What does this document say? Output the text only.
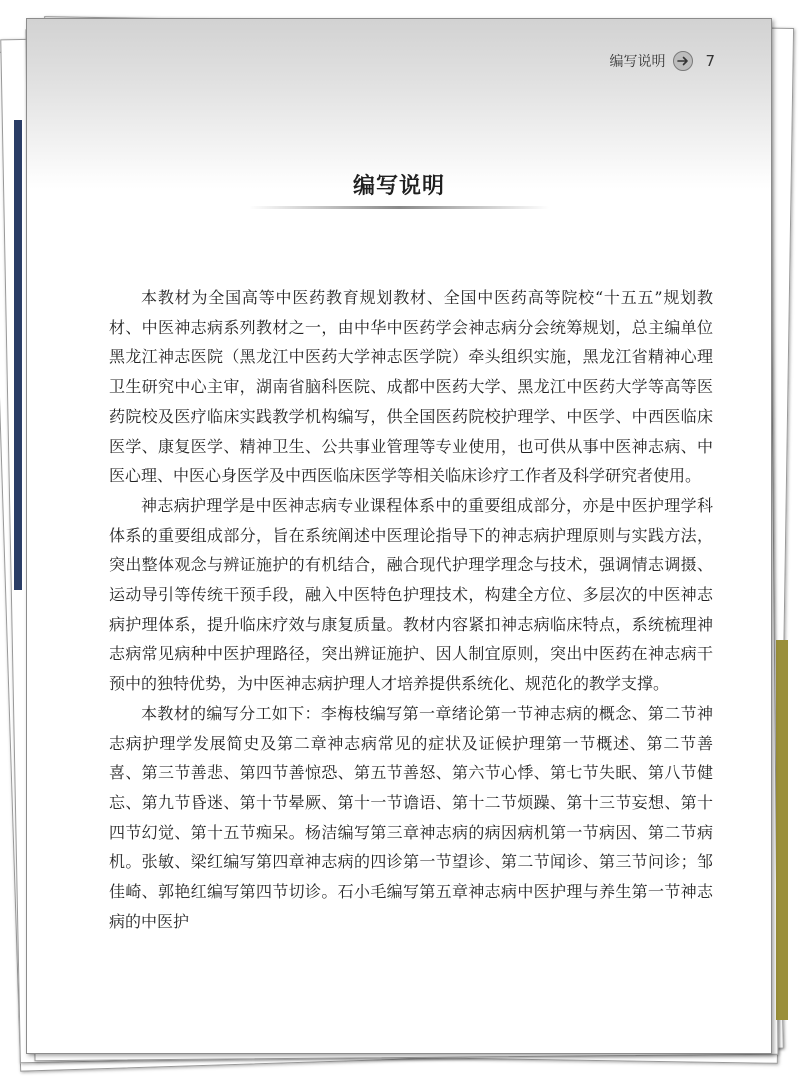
编写说明	7
编写说明

本教材为全国高等中医药教育规划教材、全国中医药高等院校“十五五”规划教材、中医神志病系列教材之一，由中华中医药学会神志病分会统筹规划，总主编单位黑龙江神志医院（黑龙江中医药大学神志医学院）牵头组织实施，黑龙江省精神心理卫生研究中心主审，湖南省脑科医院、成都中医药大学、黑龙江中医药大学等高等医药院校及医疗临床实践教学机构编写，供全国医药院校护理学、中医学、中西医临床医学、康复医学、精神卫生、公共事业管理等专业使用，也可供从事中医神志病、中医心理、中医心身医学及中西医临床医学等相关临床诊疗工作者及科学研究者使用。

神志病护理学是中医神志病专业课程体系中的重要组成部分，亦是中医护理学科体系的重要组成部分，旨在系统阐述中医理论指导下的神志病护理原则与实践方法，突出整体观念与辨证施护的有机结合，融合现代护理学理念与技术，强调情志调摄、运动导引等传统干预手段，融入中医特色护理技术，构建全方位、多层次的中医神志病护理体系，提升临床疗效与康复质量。教材内容紧扣神志病临床特点，系统梳理神志病常见病种中医护理路径，突出辨证施护、因人制宜原则，突出中医药在神志病干预中的独特优势，为中医神志病护理人才培养提供系统化、规范化的教学支撑。

本教材的编写分工如下：李梅枝编写第一章绪论第一节神志病的概念、第二节神志病护理学发展简史及第二章神志病常见的症状及证候护理第一节概述、第二节善喜、第三节善悲、第四节善惊恐、第五节善怒、第六节心悸、第七节失眠、第八节健忘、第九节昏迷、第十节晕厥、第十一节谵语、第十二节烦躁、第十三节妄想、第十四节幻觉、第十五节痴呆。杨洁编写第三章神志病的病因病机第一节病因、第二节病机。张敏、梁红编写第四章神志病的四诊第一节望诊、第二节闻诊、第三节问诊；邹佳崎、郭艳红编写第四节切诊。石小毛编写第五章神志病中医护理与养生第一节神志病的中医护
